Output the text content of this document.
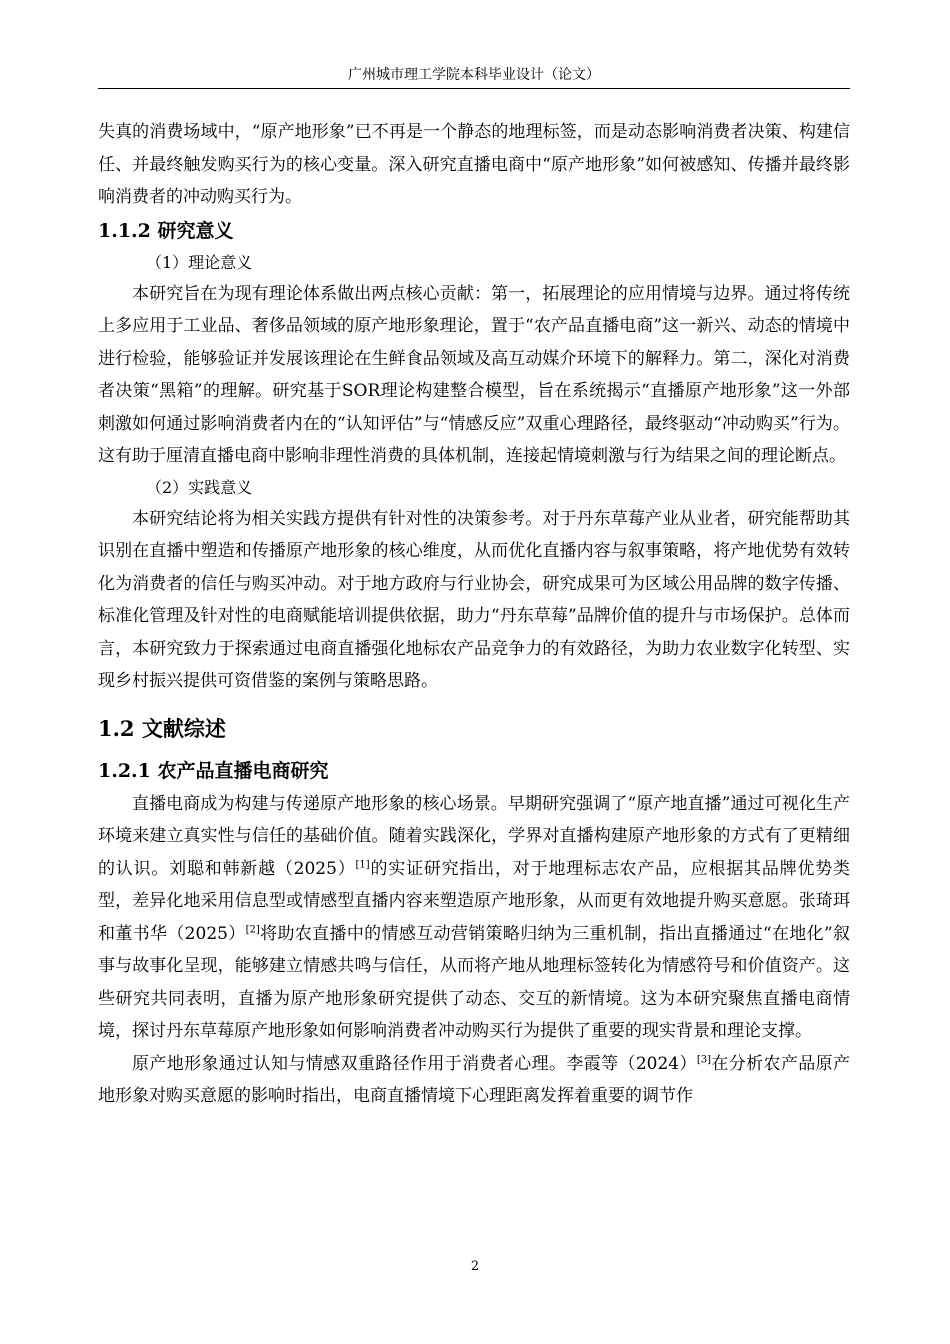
广州城市理工学院本科毕业设计（论文）

失真的消费场域中，“原产地形象”已不再是一个静态的地理标签，而是动态影响消费者决策、构建信任、并最终触发购买行为的核心变量。深入研究直播电商中“原产地形象”如何被感知、传播并最终影响消费者的冲动购买行为。

1.1.2 研究意义

（1）理论意义

本研究旨在为现有理论体系做出两点核心贡献：第一，拓展理论的应用情境与边界。通过将传统上多应用于工业品、奢侈品领域的原产地形象理论，置于“农产品直播电商”这一新兴、动态的情境中进行检验，能够验证并发展该理论在生鲜食品领域及高互动媒介环境下的解释力。第二，深化对消费者决策“黑箱”的理解。研究基于SOR理论构建整合模型，旨在系统揭示“直播原产地形象”这一外部刺激如何通过影响消费者内在的“认知评估”与“情感反应”双重心理路径，最终驱动“冲动购买”行为。这有助于厘清直播电商中影响非理性消费的具体机制，连接起情境刺激与行为结果之间的理论断点。

（2）实践意义

本研究结论将为相关实践方提供有针对性的决策参考。对于丹东草莓产业从业者，研究能帮助其识别在直播中塑造和传播原产地形象的核心维度，从而优化直播内容与叙事策略，将产地优势有效转化为消费者的信任与购买冲动。对于地方政府与行业协会，研究成果可为区域公用品牌的数字传播、标准化管理及针对性的电商赋能培训提供依据，助力“丹东草莓”品牌价值的提升与市场保护。总体而言，本研究致力于探索通过电商直播强化地标农产品竞争力的有效路径，为助力农业数字化转型、实现乡村振兴提供可资借鉴的案例与策略思路。

1.2 文献综述
1.2.1 农产品直播电商研究

直播电商成为构建与传递原产地形象的核心场景。早期研究强调了“原产地直播”通过可视化生产环境来建立真实性与信任的基础价值。随着实践深化，学界对直播构建原产地形象的方式有了更精细的认识。刘聪和韩新越（2025）[1]的实证研究指出，对于地理标志农产品，应根据其品牌优势类型，差异化地采用信息型或情感型直播内容来塑造原产地形象，从而更有效地提升购买意愿。张琦珥和董书华（2025）[2]将助农直播中的情感互动营销策略归纳为三重机制，指出直播通过“在地化”叙事与故事化呈现，能够建立情感共鸣与信任，从而将产地从地理标签转化为情感符号和价值资产。这些研究共同表明，直播为原产地形象研究提供了动态、交互的新情境。这为本研究聚焦直播电商情境，探讨丹东草莓原产地形象如何影响消费者冲动购买行为提供了重要的现实背景和理论支撑。

原产地形象通过认知与情感双重路径作用于消费者心理。李霞等（2024）[3]在分析农产品原产地形象对购买意愿的影响时指出，电商直播情境下心理距离发挥着重要的调节作

2
